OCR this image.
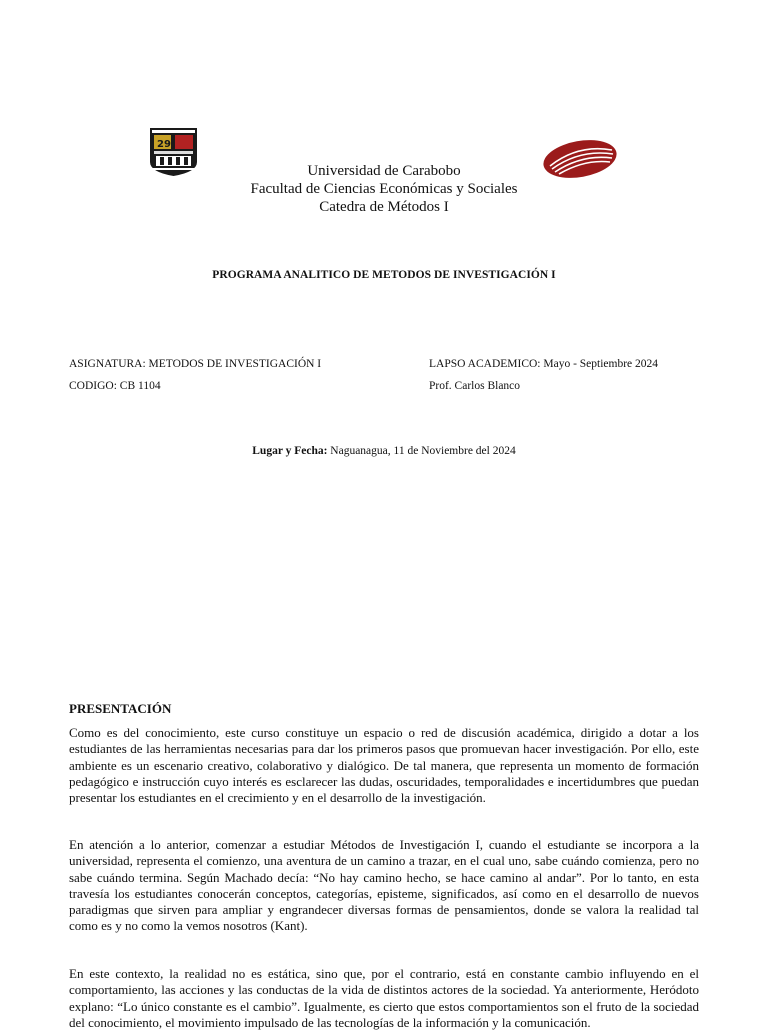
29
Universidad de Carabobo
Facultad de Ciencias Económicas y Sociales
Catedra de Métodos I
PROGRAMA ANALITICO DE METODOS DE INVESTIGACIÓN I
ASIGNATURA: METODOS DE INVESTIGACIÓN I
CODIGO: CB 1104
LAPSO ACADEMICO: Mayo - Septiembre 2024
Prof. Carlos Blanco
Lugar y Fecha: Naguanagua, 11 de Noviembre del 2024
PRESENTACIÓN
Como es del conocimiento, este curso constituye un espacio o red de discusión académica, dirigido a dotar a los estudiantes de las herramientas necesarias para dar los primeros pasos que promuevan hacer investigación. Por ello, este ambiente es un escenario creativo, colaborativo y dialógico. De tal manera, que representa un momento de formación pedagógico e instrucción cuyo interés es esclarecer las dudas, oscuridades, temporalidades e incertidumbres que puedan presentar los estudiantes en el crecimiento y en el desarrollo de la investigación.
En atención a lo anterior, comenzar a estudiar Métodos de Investigación I, cuando el estudiante se incorpora a la universidad, representa el comienzo, una aventura de un camino a trazar, en el cual uno, sabe cuándo comienza, pero no sabe cuándo termina. Según Machado decía: “No hay camino hecho, se hace camino al andar”. Por lo tanto, en esta travesía los estudiantes conocerán conceptos, categorías, episteme, significados, así como en el desarrollo de nuevos paradigmas que sirven para ampliar y engrandecer diversas formas de pensamientos, donde se valora la realidad tal como es y no como la vemos nosotros (Kant).
En este contexto, la realidad no es estática, sino que, por el contrario, está en constante cambio influyendo en el comportamiento, las acciones y las conductas de la vida de distintos actores de la sociedad. Ya anteriormente, Heródoto explano: “Lo único constante es el cambio”. Igualmente, es cierto que estos comportamientos son el fruto de la sociedad del conocimiento, el movimiento impulsado de las tecnologías de la información y la comunicación.
